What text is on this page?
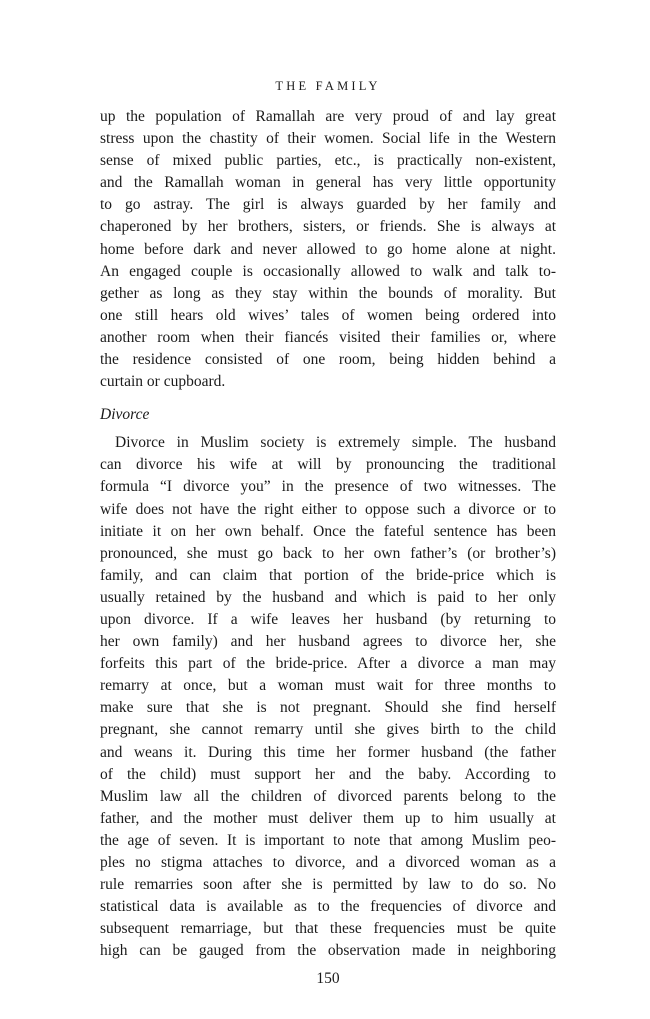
THE FAMILY
up the population of Ramallah are very proud of and lay great
stress upon the chastity of their women. Social life in the Western
sense of mixed public parties, etc., is practically non-existent,
and the Ramallah woman in general has very little opportunity
to go astray. The girl is always guarded by her family and
chaperoned by her brothers, sisters, or friends. She is always at
home before dark and never allowed to go home alone at night.
An engaged couple is occasionally allowed to walk and talk to-
gether as long as they stay within the bounds of morality. But
one still hears old wives’ tales of women being ordered into
another room when their fiancés visited their families or, where
the residence consisted of one room, being hidden behind a
curtain or cupboard.
Divorce
Divorce in Muslim society is extremely simple. The husband
can divorce his wife at will by pronouncing the traditional
formula “I divorce you” in the presence of two witnesses. The
wife does not have the right either to oppose such a divorce or to
initiate it on her own behalf. Once the fateful sentence has been
pronounced, she must go back to her own father’s (or brother’s)
family, and can claim that portion of the bride-price which is
usually retained by the husband and which is paid to her only
upon divorce. If a wife leaves her husband (by returning to
her own family) and her husband agrees to divorce her, she
forfeits this part of the bride-price. After a divorce a man may
remarry at once, but a woman must wait for three months to
make sure that she is not pregnant. Should she find herself
pregnant, she cannot remarry until she gives birth to the child
and weans it. During this time her former husband (the father
of the child) must support her and the baby. According to
Muslim law all the children of divorced parents belong to the
father, and the mother must deliver them up to him usually at
the age of seven. It is important to note that among Muslim peo-
ples no stigma attaches to divorce, and a divorced woman as a
rule remarries soon after she is permitted by law to do so. No
statistical data is available as to the frequencies of divorce and
subsequent remarriage, but that these frequencies must be quite
high can be gauged from the observation made in neighboring
150
